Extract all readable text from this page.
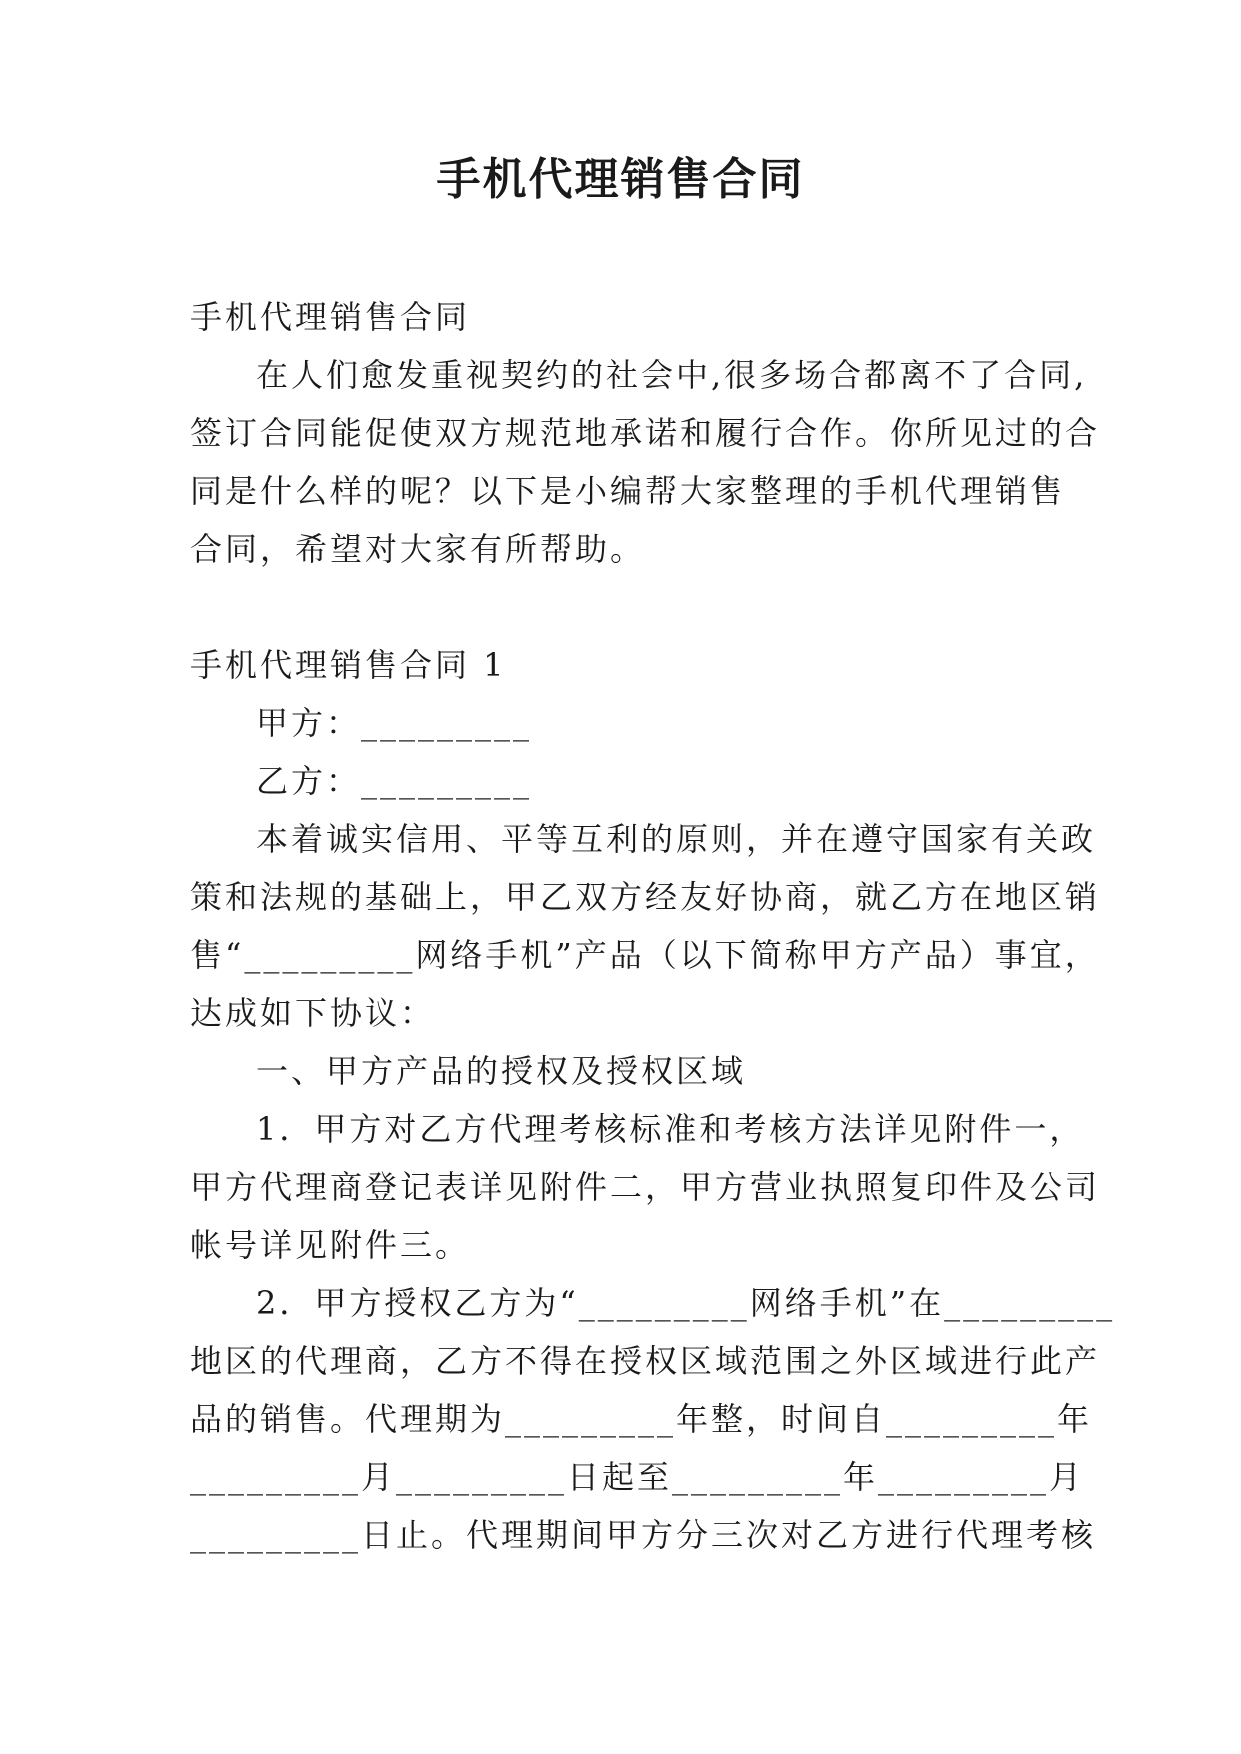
手机代理销售合同
手机代理销售合同
在人们愈发重视契约的社会中,很多场合都离不了合同,
签订合同能促使双方规范地承诺和履行合作。你所见过的合
同是什么样的呢？以下是小编帮大家整理的手机代理销售
合同，希望对大家有所帮助。
手机代理销售合同 1
甲方：_________
乙方：_________
本着诚实信用、平等互利的原则，并在遵守国家有关政
策和法规的基础上，甲乙双方经友好协商，就乙方在地区销
售“_________网络手机”产品（以下简称甲方产品）事宜，
达成如下协议：
一、甲方产品的授权及授权区域
1．甲方对乙方代理考核标准和考核方法详见附件一，
甲方代理商登记表详见附件二，甲方营业执照复印件及公司
帐号详见附件三。
2．甲方授权乙方为“_________网络手机”在_________
地区的代理商，乙方不得在授权区域范围之外区域进行此产
品的销售。代理期为_________年整，时间自_________年
_________月_________日起至_________年_________月
_________日止。代理期间甲方分三次对乙方进行代理考核
